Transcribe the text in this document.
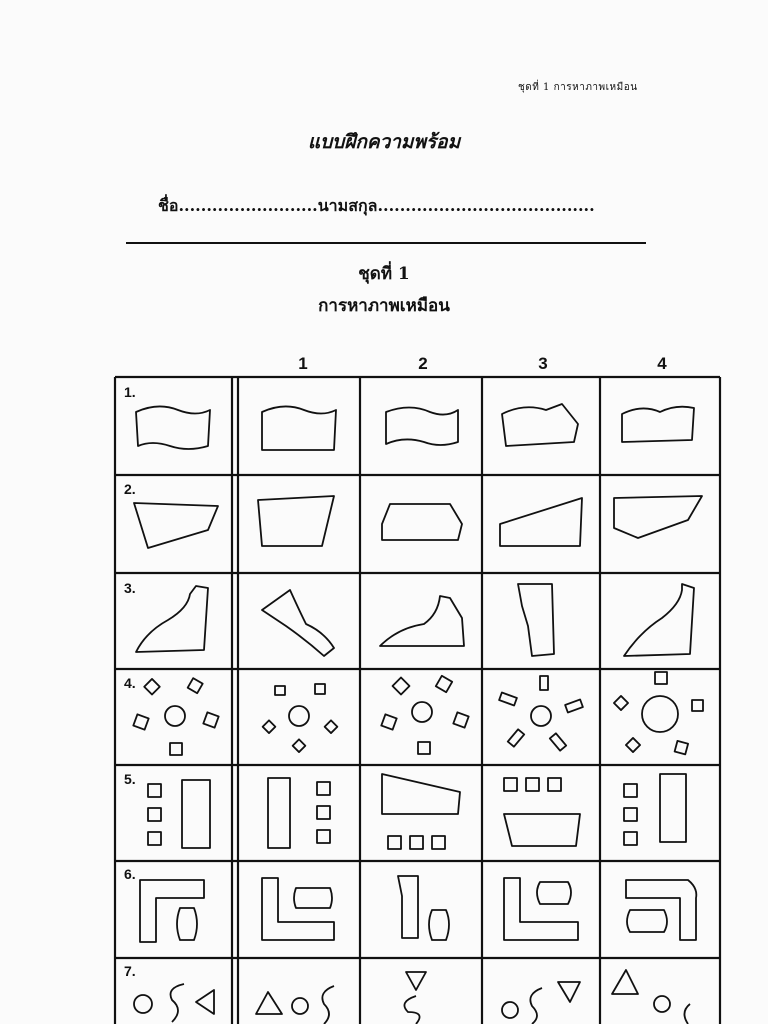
ชุดที่ 1 การหาภาพเหมือน
แบบฝึกความพร้อม
ชื่อ.........................นามสกุล.......................................
ชุดที่ 1
การหาภาพเหมือน
1	2	3	4
1.
2.
3.
4.
5.
6.
7.
